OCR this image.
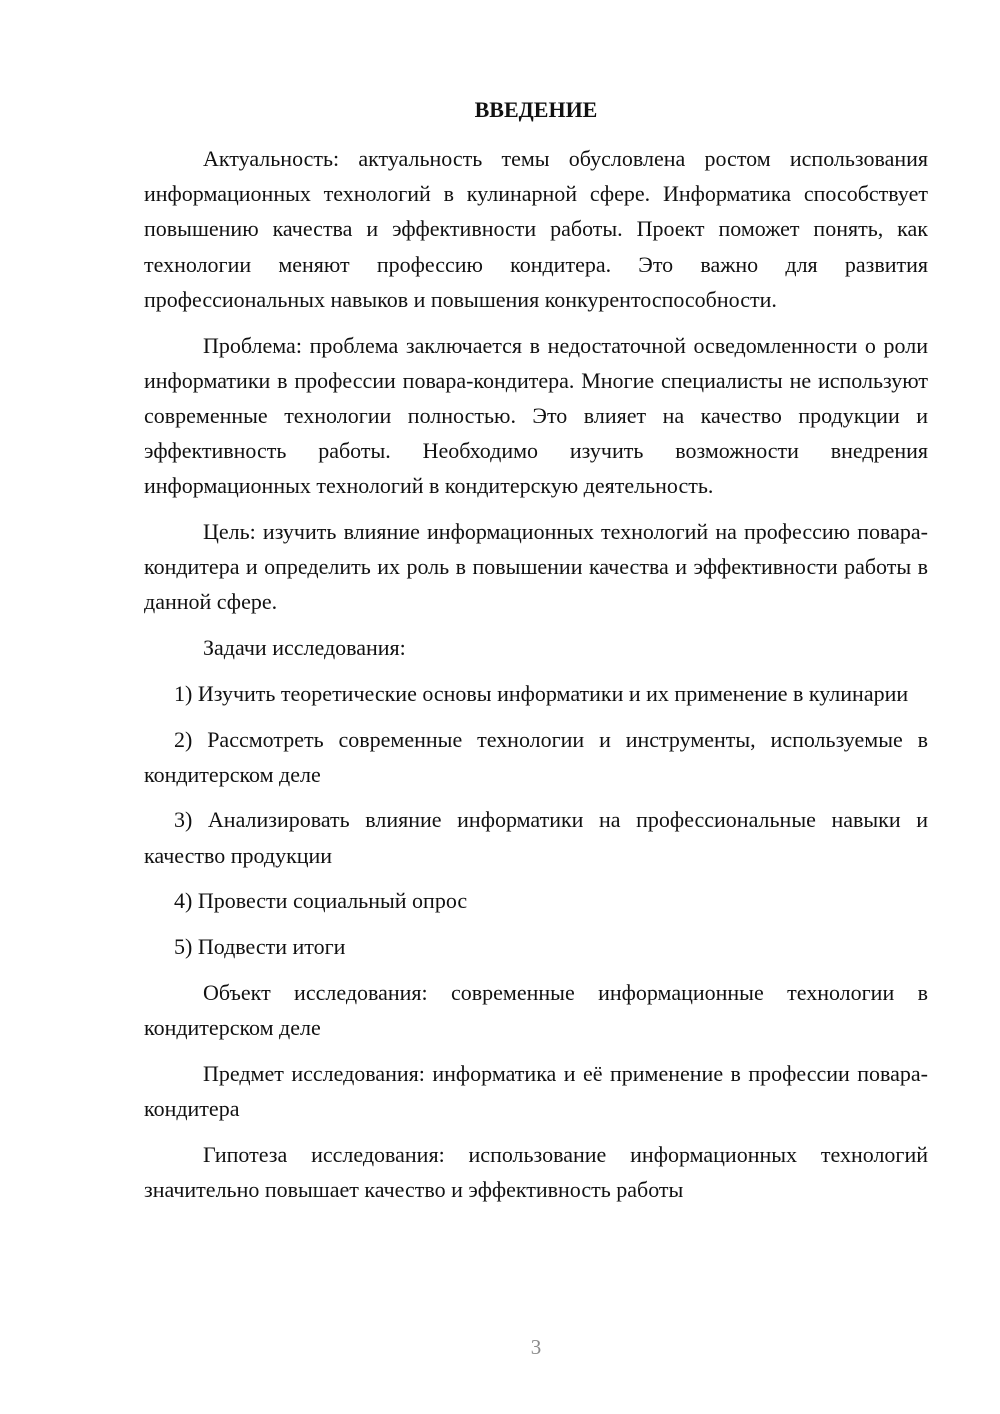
ВВЕДЕНИЕ

Актуальность: актуальность темы обусловлена ростом использования информационных технологий в кулинарной сфере. Информатика способствует повышению качества и эффективности работы. Проект поможет понять, как технологии меняют профессию кондитера. Это важно для развития профессиональных навыков и повышения конкурентоспособности.

Проблема: проблема заключается в недостаточной осведомленности о роли информатики в профессии повара-кондитера. Многие специалисты не используют современные технологии полностью. Это влияет на качество продукции и эффективность работы. Необходимо изучить возможности внедрения информационных технологий в кондитерскую деятельность.

Цель: изучить влияние информационных технологий на профессию повара-кондитера и определить их роль в повышении качества и эффективности работы в данной сфере.

Задачи исследования:

1) Изучить теоретические основы информатики и их применение в кулинарии

2) Рассмотреть современные технологии и инструменты, используемые в кондитерском деле

3) Анализировать влияние информатики на профессиональные навыки и качество продукции

4) Провести социальный опрос

5) Подвести итоги

Объект исследования: современные информационные технологии в кондитерском деле

Предмет исследования: информатика и её применение в профессии повара-кондитера

Гипотеза исследования: использование информационных технологий значительно повышает качество и эффективность работы

3
